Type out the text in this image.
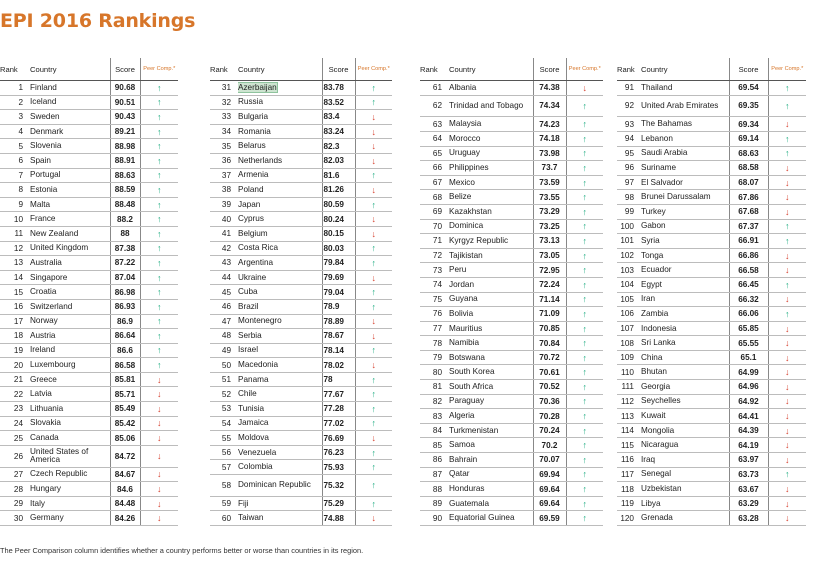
EPI 2016 Rankings
Rank	Country	Score	Peer Comp.*
1	Finland	90.68	↑
2	Iceland	90.51	↑
3	Sweden	90.43	↑
4	Denmark	89.21	↑
5	Slovenia	88.98	↑
6	Spain	88.91	↑
7	Portugal	88.63	↑
8	Estonia	88.59	↑
9	Malta	88.48	↑
10	France	88.2	↑
11	New Zealand	88	↑
12	United Kingdom	87.38	↑
13	Australia	87.22	↑
14	Singapore	87.04	↑
15	Croatia	86.98	↑
16	Switzerland	86.93	↑
17	Norway	86.9	↑
18	Austria	86.64	↑
19	Ireland	86.6	↑
20	Luxembourg	86.58	↑
21	Greece	85.81	↓
22	Latvia	85.71	↓
23	Lithuania	85.49	↓
24	Slovakia	85.42	↓
25	Canada	85.06	↓
26	United States of America	84.72	↓
27	Czech Republic	84.67	↓
28	Hungary	84.6	↓
29	Italy	84.48	↓
30	Germany	84.26	↓
Rank	Country	Score	Peer Comp.*
31	Azerbaijan	83.78	↑
32	Russia	83.52	↑
33	Bulgaria	83.4	↓
34	Romania	83.24	↓
35	Belarus	82.3	↓
36	Netherlands	82.03	↓
37	Armenia	81.6	↑
38	Poland	81.26	↓
39	Japan	80.59	↑
40	Cyprus	80.24	↓
41	Belgium	80.15	↓
42	Costa Rica	80.03	↑
43	Argentina	79.84	↑
44	Ukraine	79.69	↓
45	Cuba	79.04	↑
46	Brazil	78.9	↑
47	Montenegro	78.89	↓
48	Serbia	78.67	↓
49	Israel	78.14	↑
50	Macedonia	78.02	↓
51	Panama	78	↑
52	Chile	77.67	↑
53	Tunisia	77.28	↑
54	Jamaica	77.02	↑
55	Moldova	76.69	↓
56	Venezuela	76.23	↑
57	Colombia	75.93	↑
58	Dominican Republic	75.32	↑
59	Fiji	75.29	↑
60	Taiwan	74.88	↓
Rank	Country	Score	Peer Comp.*
61	Albania	74.38	↓
62	Trinidad and Tobago	74.34	↑
63	Malaysia	74.23	↑
64	Morocco	74.18	↑
65	Uruguay	73.98	↑
66	Philippines	73.7	↑
67	Mexico	73.59	↑
68	Belize	73.55	↑
69	Kazakhstan	73.29	↑
70	Dominica	73.25	↑
71	Kyrgyz Republic	73.13	↑
72	Tajikistan	73.05	↑
73	Peru	72.95	↑
74	Jordan	72.24	↑
75	Guyana	71.14	↑
76	Bolivia	71.09	↑
77	Mauritius	70.85	↑
78	Namibia	70.84	↑
79	Botswana	70.72	↑
80	South Korea	70.61	↑
81	South Africa	70.52	↑
82	Paraguay	70.36	↑
83	Algeria	70.28	↑
84	Turkmenistan	70.24	↑
85	Samoa	70.2	↑
86	Bahrain	70.07	↑
87	Qatar	69.94	↑
88	Honduras	69.64	↑
89	Guatemala	69.64	↑
90	Equatorial Guinea	69.59	↑
Rank	Country	Score	Peer Comp.*
91	Thailand	69.54	↑
92	United Arab Emirates	69.35	↑
93	The Bahamas	69.34	↓
94	Lebanon	69.14	↑
95	Saudi Arabia	68.63	↑
96	Suriname	68.58	↓
97	El Salvador	68.07	↓
98	Brunei Darussalam	67.86	↓
99	Turkey	67.68	↓
100	Gabon	67.37	↑
101	Syria	66.91	↑
102	Tonga	66.86	↓
103	Ecuador	66.58	↓
104	Egypt	66.45	↑
105	Iran	66.32	↓
106	Zambia	66.06	↑
107	Indonesia	65.85	↓
108	Sri Lanka	65.55	↓
109	China	65.1	↓
110	Bhutan	64.99	↓
111	Georgia	64.96	↓
112	Seychelles	64.92	↓
113	Kuwait	64.41	↓
114	Mongolia	64.39	↓
115	Nicaragua	64.19	↓
116	Iraq	63.97	↓
117	Senegal	63.73	↑
118	Uzbekistan	63.67	↓
119	Libya	63.29	↓
120	Grenada	63.28	↓

The Peer Comparison column identifies whether a country performs better or worse than countries in its region.
